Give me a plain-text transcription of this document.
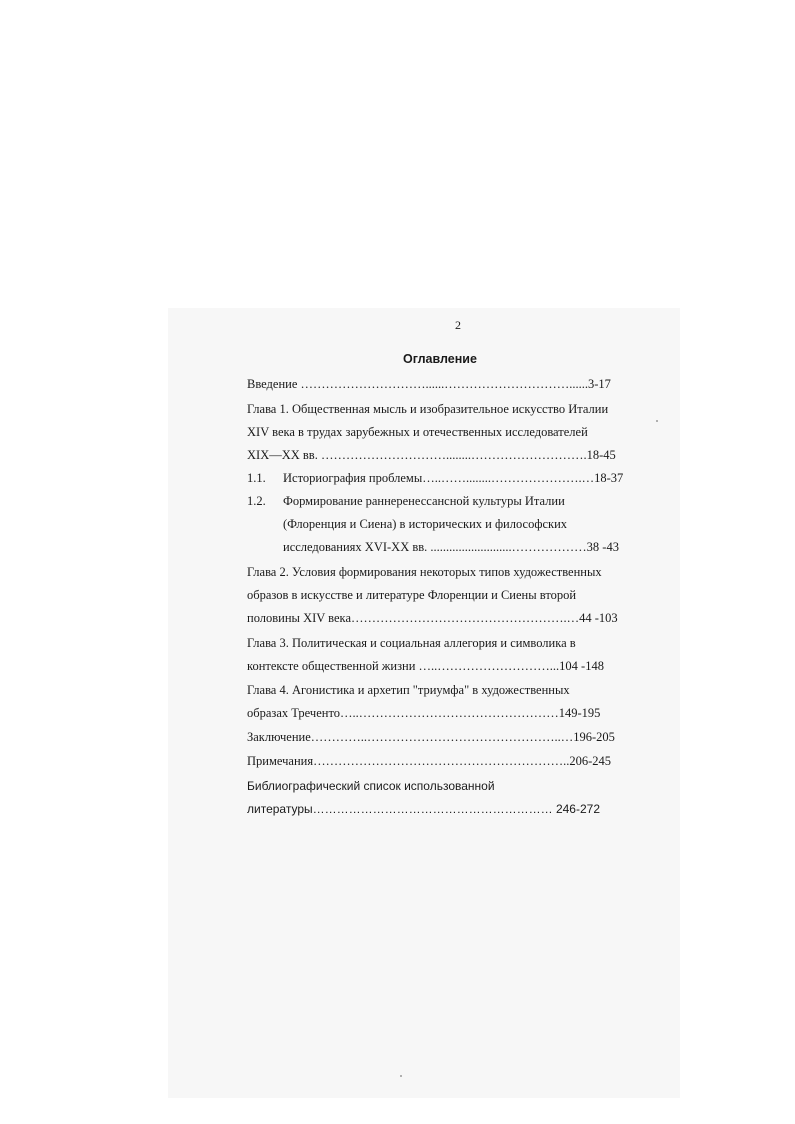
2
Оглавление
Введение …………………………......…………………………......3-17
Глава 1. Общественная мысль и изобразительное искусство Италии
XIV века в трудах зарубежных и отечественных исследователей
XIX—XX вв. …………………………........……………………….18-45
1.1. Историография проблемы…..……........………………….…18-37
1.2. Формирование раннеренессансной культуры Италии
(Флоренция и Сиена) в исторических и философских
исследованиях XVI-XX вв. ..........................………………38 -43
Глава 2. Условия формирования некоторых типов художественных
образов в искусстве и литературе Флоренции и Сиены второй
половины XIV века…………………………………………….…44 -103
Глава 3. Политическая и социальная аллегория и символика в
контексте общественной жизни …..………………………...104 -148
Глава 4. Агонистика и архетип "триумфа" в художественных
образах Треченто…..…………………………………………149-195
Заключение…………..………………………………………..…196-205
Примечания……………………………………………………..206-245
Библиографический список использованной
литературы…………………………………………………… 246-272
